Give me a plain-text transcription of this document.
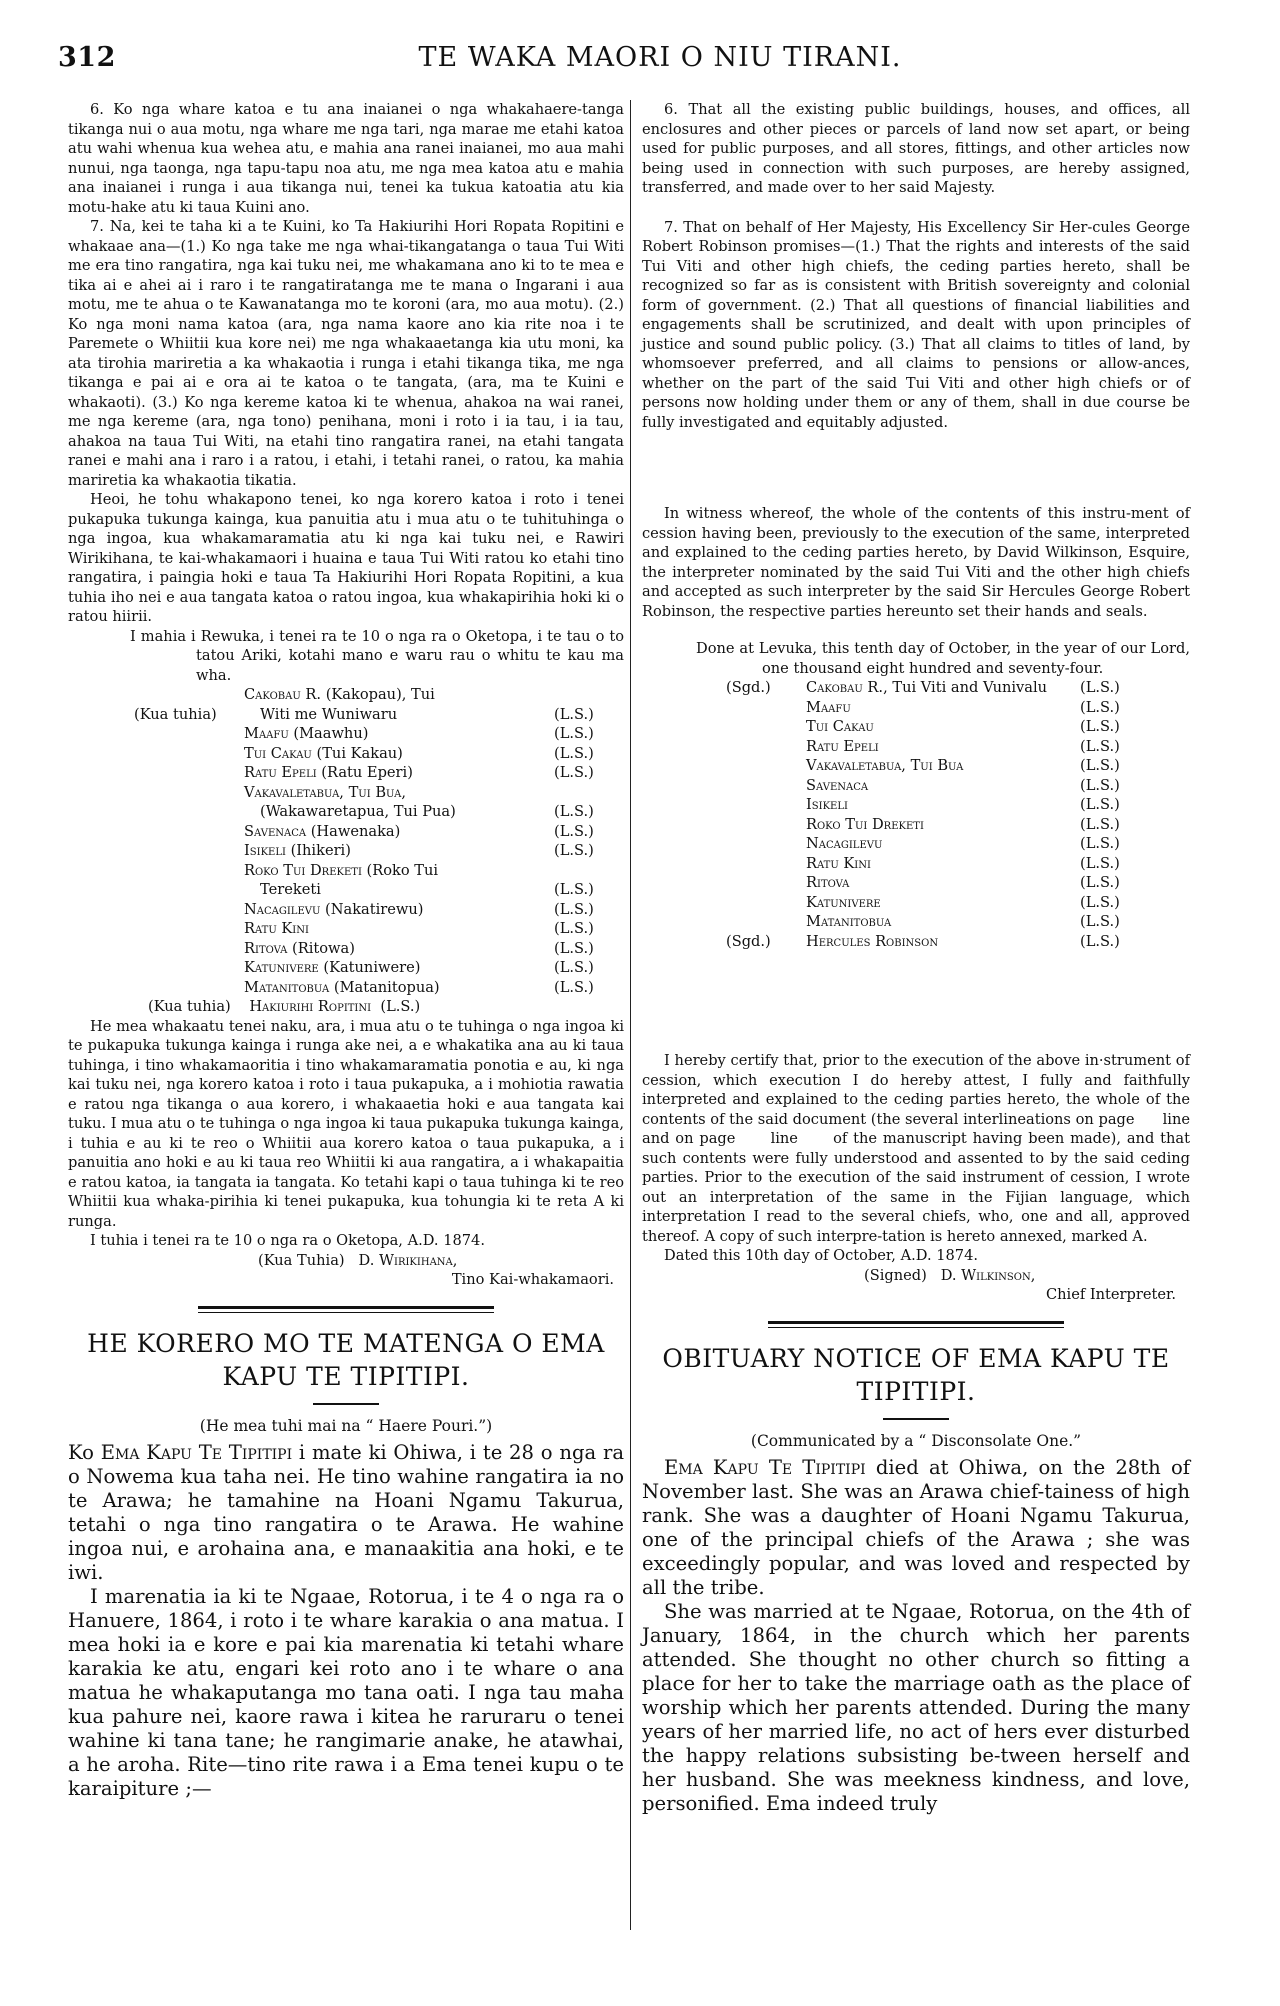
312	TE WAKA MAORI O NIU TIRANI.

6. Ko nga whare katoa e tu ana inaianei o nga whakahaere-tanga tikanga nui o aua motu, nga whare me nga tari, nga marae me etahi katoa atu wahi whenua kua wehea atu, e mahia ana ranei inaianei, mo aua mahi nunui, nga taonga, nga tapu-tapu noa atu, me nga mea katoa atu e mahia ana inaianei i runga i aua tikanga nui, tenei ka tukua katoatia atu kia motu-hake atu ki taua Kuini ano.

7. Na, kei te taha ki a te Kuini, ko Ta Hakiurihi Hori Ropata Ropitini e whakaae ana—(1.) Ko nga take me nga whai-tikangatanga o taua Tui Witi me era tino rangatira, nga kai tuku nei, me whakamana ano ki to te mea e tika ai e ahei ai i raro i te rangatiratanga me te mana o Ingarani i aua motu, me te ahua o te Kawanatanga mo te koroni (ara, mo aua motu). (2.) Ko nga moni nama katoa (ara, nga nama kaore ano kia rite noa i te Paremete o Whiitii kua kore nei) me nga whakaaetanga kia utu moni, ka ata tirohia mariretia a ka whakaotia i runga i etahi tikanga tika, me nga tikanga e pai ai e ora ai te katoa o te tangata, (ara, ma te Kuini e whakaoti). (3.) Ko nga kereme katoa ki te whenua, ahakoa na wai ranei, me nga kereme (ara, nga tono) penihana, moni i roto i ia tau, i ia tau, ahakoa na taua Tui Witi, na etahi tino rangatira ranei, na etahi tangata ranei e mahi ana i raro i a ratou, i etahi, i tetahi ranei, o ratou, ka mahia mariretia ka whakaotia tikatia.

Heoi, he tohu whakapono tenei, ko nga korero katoa i roto i tenei pukapuka tukunga kainga, kua panuitia atu i mua atu o te tuhituhinga o nga ingoa, kua whakamaramatia atu ki nga kai tuku nei, e Rawiri Wirikihana, te kai-whakamaori i huaina e taua Tui Witi ratou ko etahi tino rangatira, i paingia hoki e taua Ta Hakiurihi Hori Ropata Ropitini, a kua tuhia iho nei e aua tangata katoa o ratou ingoa, kua whakapirihia hoki ki o ratou hiirii.

I mahia i Rewuka, i tenei ra te 10 o nga ra o Oketopa, i te tau o to tatou Ariki, kotahi mano e waru rau o whitu te kau ma wha.

(Kua tuhia)	Cakobau R. (Kakopau), Tui
Witi me Wuniwaru	(L.S.)
	Maafu (Maawhu)	(L.S.)
	Tui Cakau (Tui Kakau)	(L.S.)
	Ratu Epeli (Ratu Eperi)	(L.S.)
	Vakavaletabua, Tui Bua,
(Wakawaretapua, Tui Pua)	(L.S.)
	Savenaca (Hawenaka)	(L.S.)
	Isikeli (Ihikeri)	(L.S.)
	Roko Tui Dreketi (Roko Tui
Tereketi	(L.S.)
	Nacagilevu (Nakatirewu)	(L.S.)
	Ratu Kini	(L.S.)
	Ritova (Ritowa)	(L.S.)
	Katunivere (Katuniwere)	(L.S.)
	Matanitobua (Matanitopua)	(L.S.)
(Kua tuhia) Hakiurihi Ropitini (L.S.)

He mea whakaatu tenei naku, ara, i mua atu o te tuhinga o nga ingoa ki te pukapuka tukunga kainga i runga ake nei, a e whakatika ana au ki taua tuhinga, i tino whakamaoritia i tino whakamaramatia ponotia e au, ki nga kai tuku nei, nga korero katoa i roto i taua pukapuka, a i mohiotia rawatia e ratou nga tikanga o aua korero, i whakaaetia hoki e aua tangata kai tuku. I mua atu o te tuhinga o nga ingoa ki taua pukapuka tukunga kainga, i tuhia e au ki te reo o Whiitii aua korero katoa o taua pukapuka, a i panuitia ano hoki e au ki taua reo Whiitii ki aua rangatira, a i whakapaitia e ratou katoa, ia tangata ia tangata. Ko tetahi kapi o taua tuhinga ki te reo Whiitii kua whaka-pirihia ki tenei pukapuka, kua tohungia ki te reta A ki runga.

I tuhia i tenei ra te 10 o nga ra o Oketopa, A.D. 1874.

(Kua Tuhia) D. Wirikihana,
Tino Kai-whakamaori.
HE KORERO MO TE MATENGA O EMA KAPU TE TIPITIPI.
(He mea tuhi mai na “ Haere Pouri.”)

Ko Ema Kapu Te Tipitipi i mate ki Ohiwa, i te 28 o nga ra o Nowema kua taha nei. He tino wahine rangatira ia no te Arawa; he tamahine na Hoani Ngamu Takurua, tetahi o nga tino rangatira o te Arawa. He wahine ingoa nui, e arohaina ana, e manaakitia ana hoki, e te iwi.

I marenatia ia ki te Ngaae, Rotorua, i te 4 o nga ra o Hanuere, 1864, i roto i te whare karakia o ana matua. I mea hoki ia e kore e pai kia marenatia ki tetahi whare karakia ke atu, engari kei roto ano i te whare o ana matua he whakaputanga mo tana oati. I nga tau maha kua pahure nei, kaore rawa i kitea he raruraru o tenei wahine ki tana tane; he rangimarie anake, he atawhai, a he aroha. Rite—tino rite rawa i a Ema tenei kupu o te karaipiture ;—

6. That all the existing public buildings, houses, and offices, all enclosures and other pieces or parcels of land now set apart, or being used for public purposes, and all stores, fittings, and other articles now being used in connection with such purposes, are hereby assigned, transferred, and made over to her said Majesty.

7. That on behalf of Her Majesty, His Excellency Sir Her-cules George Robert Robinson promises—(1.) That the rights and interests of the said Tui Viti and other high chiefs, the ceding parties hereto, shall be recognized so far as is consistent with British sovereignty and colonial form of government. (2.) That all questions of financial liabilities and engagements shall be scrutinized, and dealt with upon principles of justice and sound public policy. (3.) That all claims to titles of land, by whomsoever preferred, and all claims to pensions or allow-ances, whether on the part of the said Tui Viti and other high chiefs or of persons now holding under them or any of them, shall in due course be fully investigated and equitably adjusted.

In witness whereof, the whole of the contents of this instru-ment of cession having been, previously to the execution of the same, interpreted and explained to the ceding parties hereto, by David Wilkinson, Esquire, the interpreter nominated by the said Tui Viti and the other high chiefs and accepted as such interpreter by the said Sir Hercules George Robert Robinson, the respective parties hereunto set their hands and seals.

Done at Levuka, this tenth day of October, in the year of our Lord, one thousand eight hundred and seventy-four.

(Sgd.)	Cakobau R., Tui Viti and Vunivalu	(L.S.)
	Maafu	(L.S.)
	Tui Cakau	(L.S.)
	Ratu Epeli	(L.S.)
	Vakavaletabua, Tui Bua	(L.S.)
	Savenaca	(L.S.)
	Isikeli	(L.S.)
	Roko Tui Dreketi	(L.S.)
	Nacagilevu	(L.S.)
	Ratu Kini	(L.S.)
	Ritova	(L.S.)
	Katunivere	(L.S.)
	Matanitobua	(L.S.)
(Sgd.)	Hercules Robinson	(L.S.)

I hereby certify that, prior to the execution of the above in·strument of cession, which execution I do hereby attest, I fully and faithfully interpreted and explained to the ceding parties hereto, the whole of the contents of the said document (the several interlineations on page      line      and on page      line      of the manuscript having been made), and that such contents were fully understood and assented to by the said ceding parties. Prior to the execution of the said instrument of cession, I wrote out an interpretation of the same in the Fijian language, which interpretation I read to the several chiefs, who, one and all, approved thereof. A copy of such interpre-tation is hereto annexed, marked A.

Dated this 10th day of October, A.D. 1874.

(Signed) D. Wilkinson,
Chief Interpreter.
OBITUARY NOTICE OF EMA KAPU TE TIPITIPI.
(Communicated by a “ Disconsolate One.”

Ema Kapu Te Tipitipi died at Ohiwa, on the 28th of November last. She was an Arawa chief-tainess of high rank. She was a daughter of Hoani Ngamu Takurua, one of the principal chiefs of the Arawa ; she was exceedingly popular, and was loved and respected by all the tribe.

She was married at te Ngaae, Rotorua, on the 4th of January, 1864, in the church which her parents attended. She thought no other church so fitting a place for her to take the marriage oath as the place of worship which her parents attended. During the many years of her married life, no act of hers ever disturbed the happy relations subsisting be-tween herself and her husband. She was meekness kindness, and love, personified. Ema indeed truly
